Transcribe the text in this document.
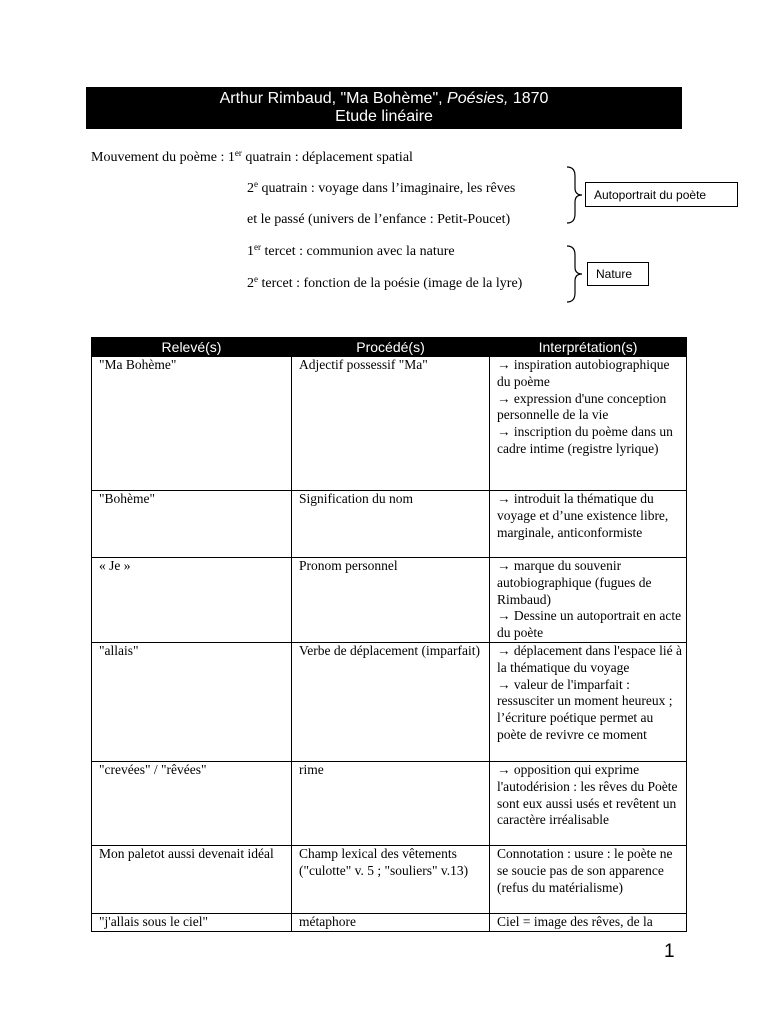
Arthur Rimbaud, "Ma Bohème", Poésies, 1870
Etude linéaire
Mouvement du poème : 1er quatrain : déplacement spatial
2e quatrain : voyage dans l’imaginaire, les rêves
et le passé (univers de l’enfance : Petit-Poucet)
1er tercet : communion avec la nature
2e tercet : fonction de la poésie (image de la lyre)
Autoportrait du poète
Nature
Relevé(s)	Procédé(s)	Interprétation(s)
"Ma Bohème"	Adjectif possessif "Ma"	→ inspiration autobiographique du poème
→ expression d'une conception personnelle de la vie
→ inscription du poème dans un cadre intime (registre lyrique)
"Bohème"	Signification du nom	→ introduit la thématique du voyage et d’une existence libre, marginale, anticonformiste
« Je »	Pronom personnel	→ marque du souvenir autobiographique (fugues de Rimbaud)
→ Dessine un autoportrait en acte du poète
"allais"	Verbe de déplacement (imparfait)	→ déplacement dans l'espace lié à la thématique du voyage
→ valeur de l'imparfait : ressusciter un moment heureux ; l’écriture poétique permet au poète de revivre ce moment
"crevées" / "rêvées"	rime	→ opposition qui exprime l'autodérision : les rêves du Poète sont eux aussi usés et revêtent un caractère irréalisable
Mon paletot aussi devenait idéal	Champ lexical des vêtements ("culotte" v. 5 ; "souliers" v.13)	Connotation : usure : le poète ne se soucie pas de son apparence (refus du matérialisme)
"j'allais sous le ciel"	métaphore	Ciel = image des rêves, de la
1
